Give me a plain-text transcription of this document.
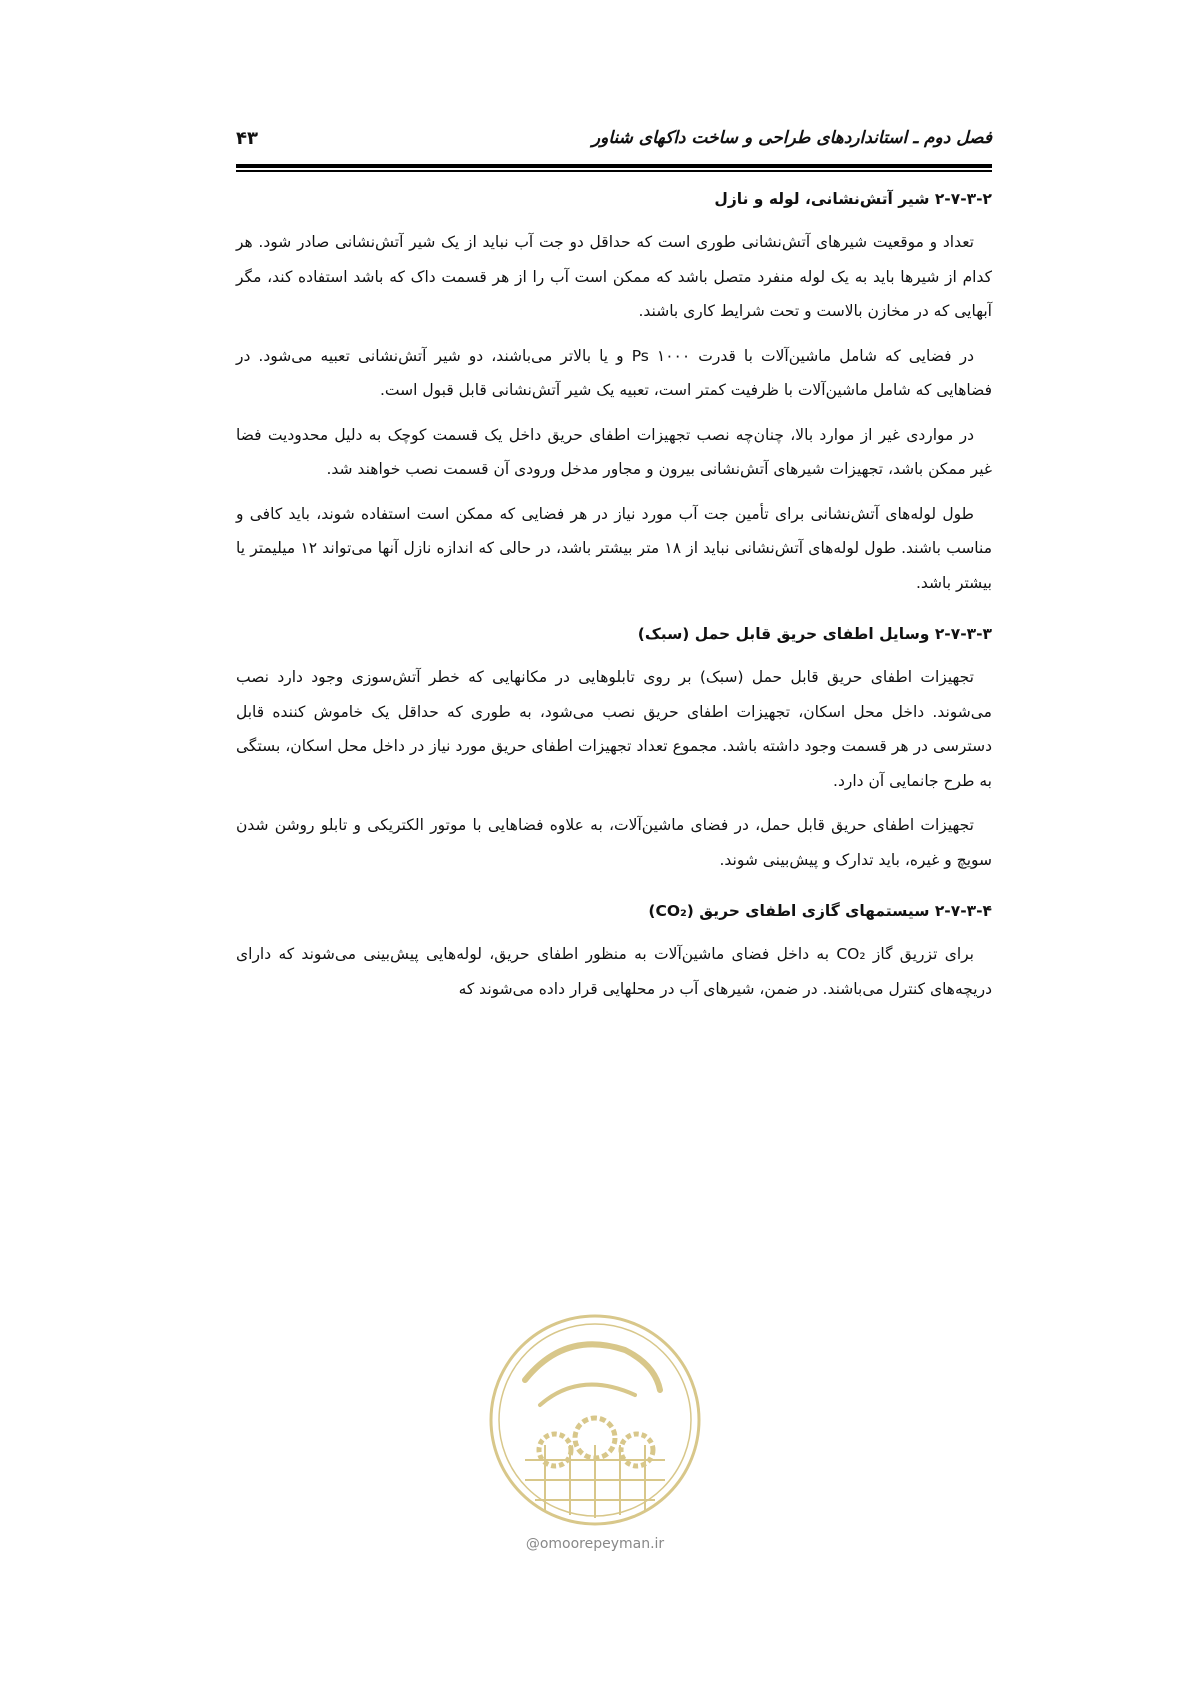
فصل دوم ـ استانداردهای طراحی و ساخت داکهای شناور
۴۳
۲-۷-۳-۲ شیر آتش‌نشانی، لوله و نازل

تعداد و موقعیت شیرهای آتش‌نشانی طوری است که حداقل دو جت آب نباید از یک شیر آتش‌نشانی صادر شود. هر کدام از شیرها باید به یک لوله منفرد متصل باشد که ممکن است آب را از هر قسمت داک که باشد استفاده کند، مگر آبهایی که در مخازن بالاست و تحت شرایط کاری باشند.

در فضایی که شامل ماشین‌آلات با قدرت Ps ۱۰۰۰ و یا بالاتر می‌باشند، دو شیر آتش‌نشانی تعبیه می‌شود. در فضاهایی که شامل ماشین‌آلات با ظرفیت کمتر است، تعبیه یک شیر آتش‌نشانی قابل قبول است.

در مواردی غیر از موارد بالا، چنان‌چه نصب تجهیزات اطفای حریق داخل یک قسمت کوچک به دلیل محدودیت فضا غیر ممکن باشد، تجهیزات شیرهای آتش‌نشانی بیرون و مجاور مدخل ورودی آن قسمت نصب خواهند شد.

طول لوله‌های آتش‌نشانی برای تأمین جت آب مورد نیاز در هر فضایی که ممکن است استفاده شوند، باید کافی و مناسب باشند. طول لوله‌های آتش‌نشانی نباید از ۱۸ متر بیشتر باشد، در حالی که اندازه نازل آنها می‌تواند ۱۲ میلیمتر یا بیشتر باشد.

۲-۷-۳-۳ وسایل اطفای حریق قابل حمل (سبک)

تجهیزات اطفای حریق قابل حمل (سبک) بر روی تابلوهایی در مکانهایی که خطر آتش‌سوزی وجود دارد نصب می‌شوند. داخل محل اسکان، تجهیزات اطفای حریق نصب می‌شود، به طوری که حداقل یک خاموش کننده قابل دسترسی در هر قسمت وجود داشته باشد. مجموع تعداد تجهیزات اطفای حریق مورد نیاز در داخل محل اسکان، بستگی به طرح جانمایی آن دارد.

تجهیزات اطفای حریق قابل حمل، در فضای ماشین‌آلات، به علاوه فضاهایی با موتور الکتریکی و تابلو روشن شدن سویچ و غیره، باید تدارک و پیش‌بینی شوند.

۲-۷-۳-۴ سیستمهای گازی اطفای حریق (CO₂)

برای تزریق گاز CO₂ به داخل فضای ماشین‌آلات به منظور اطفای حریق، لوله‌هایی پیش‌بینی می‌شوند که دارای دریچه‌های کنترل می‌باشند. در ضمن، شیرهای آب در محلهایی قرار داده می‌شوند که

@omoorepeyman.ir
